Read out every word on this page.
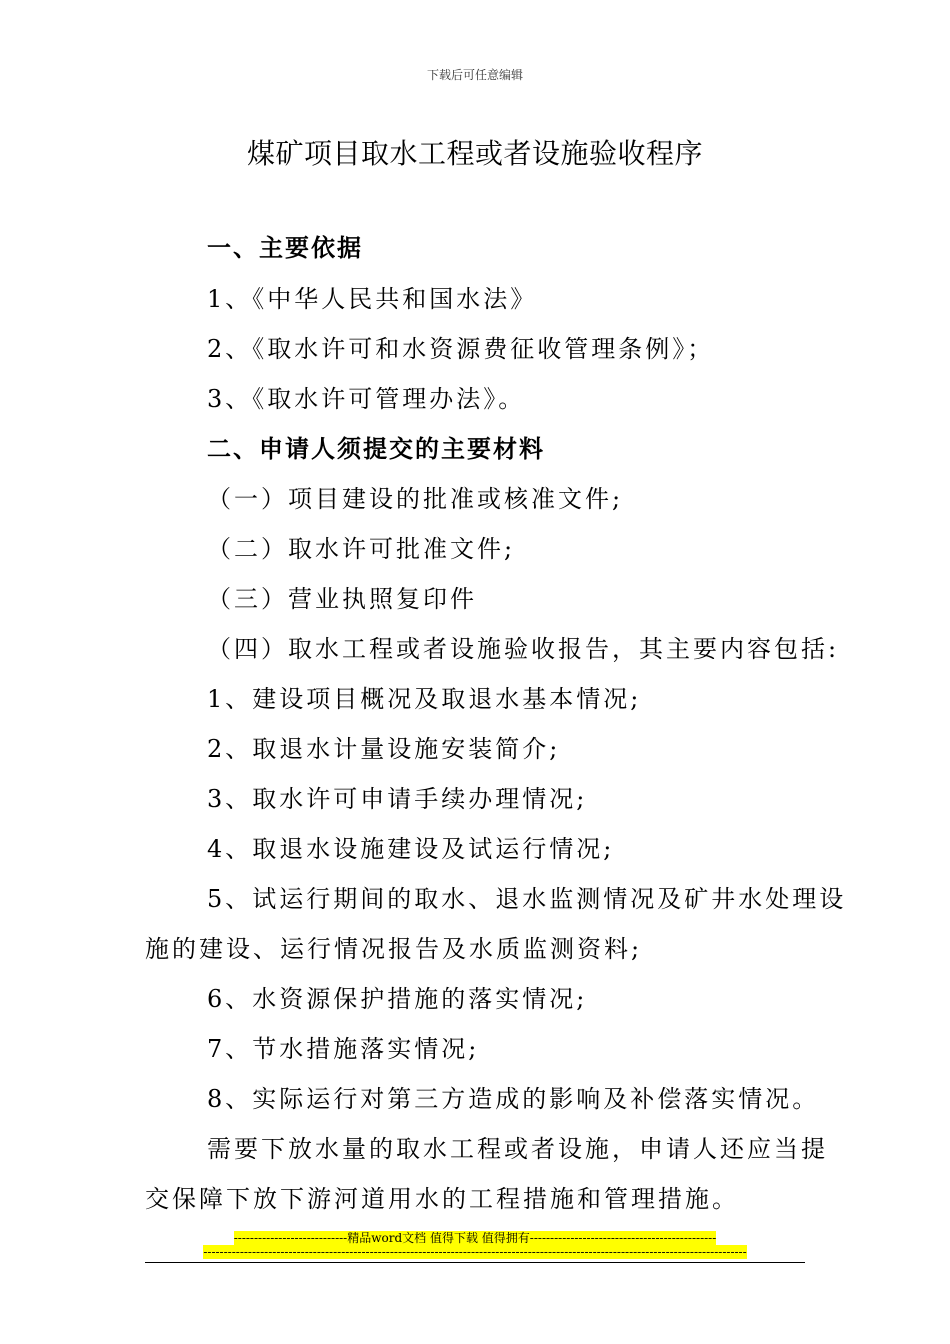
下载后可任意编辑
煤矿项目取水工程或者设施验收程序
一、主要依据
1、《中华人民共和国水法》
2、《取水许可和水资源费征收管理条例》；
3、《取水许可管理办法》。
二、申请人须提交的主要材料
（一）项目建设的批准或核准文件;
（二）取水许可批准文件;
（三）营业执照复印件
（四）取水工程或者设施验收报告，其主要内容包括:
1、建设项目概况及取退水基本情况;
2、取退水计量设施安装简介;
3、取水许可申请手续办理情况;
4、取退水设施建设及试运行情况;
5、试运行期间的取水、退水监测情况及矿井水处理设
施的建设、运行情况报告及水质监测资料;
6、水资源保护措施的落实情况;
7、节水措施落实情况;
8、实际运行对第三方造成的影响及补偿落实情况。
需要下放水量的取水工程或者设施，申请人还应当提
交保障下放下游河道用水的工程措施和管理措施。
----------------------------精品word文档 值得下载 值得拥有----------------------------------------------
--------------------------------------------------------------------------------------------------------------------------------------
